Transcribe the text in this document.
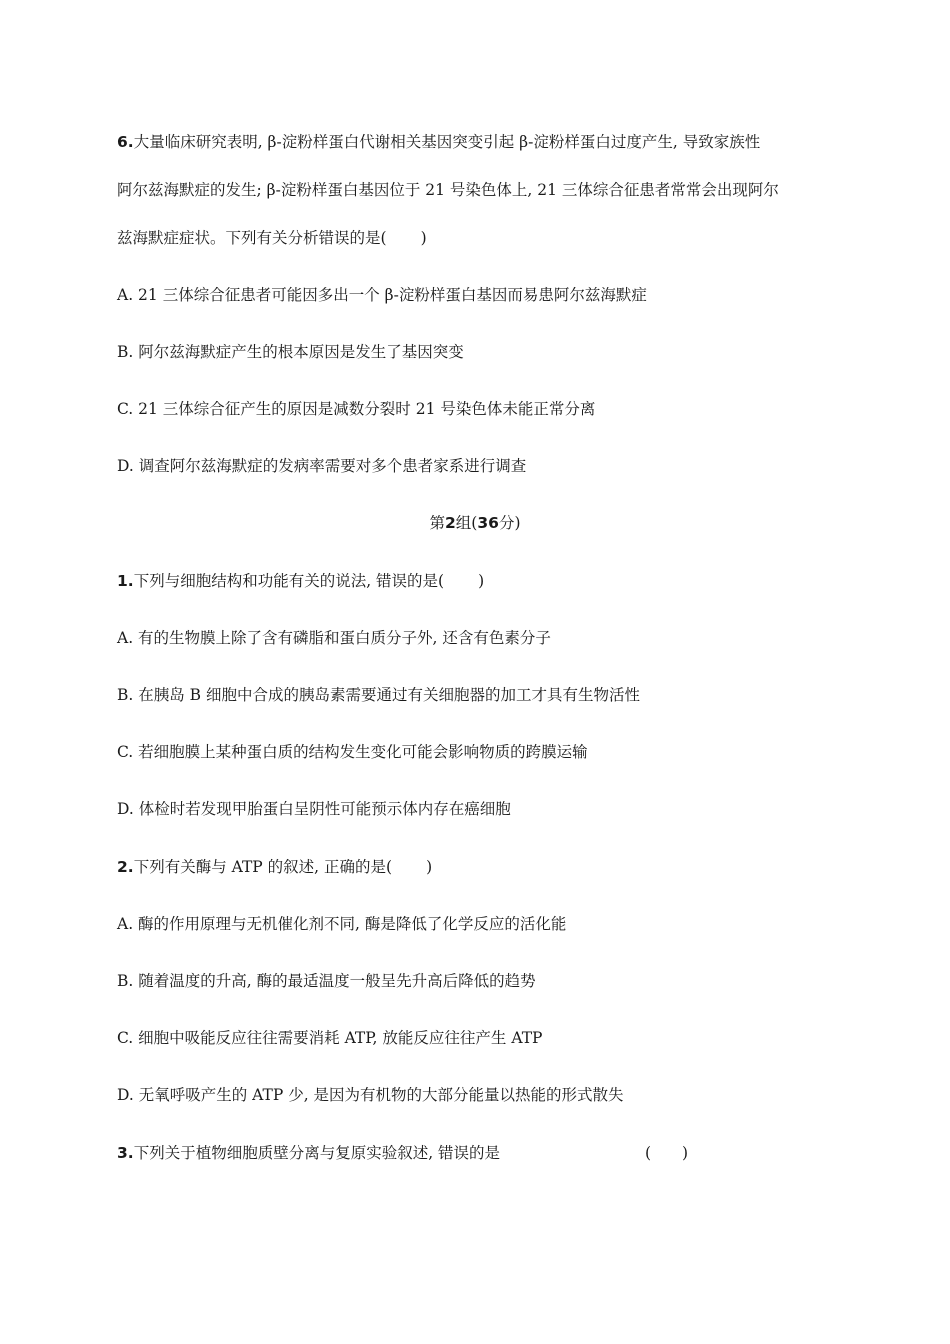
6.大量临床研究表明, β-淀粉样蛋白代谢相关基因突变引起 β-淀粉样蛋白过度产生, 导致家族性
阿尔兹海默症的发生; β-淀粉样蛋白基因位于 21 号染色体上, 21 三体综合征患者常常会出现阿尔
兹海默症症状。下列有关分析错误的是( )
A. 21 三体综合征患者可能因多出一个 β-淀粉样蛋白基因而易患阿尔兹海默症
B. 阿尔兹海默症产生的根本原因是发生了基因突变
C. 21 三体综合征产生的原因是减数分裂时 21 号染色体未能正常分离
D. 调查阿尔兹海默症的发病率需要对多个患者家系进行调查
第2组(36分)
1.下列与细胞结构和功能有关的说法, 错误的是( )
A. 有的生物膜上除了含有磷脂和蛋白质分子外, 还含有色素分子
B. 在胰岛 B 细胞中合成的胰岛素需要通过有关细胞器的加工才具有生物活性
C. 若细胞膜上某种蛋白质的结构发生变化可能会影响物质的跨膜运输
D. 体检时若发现甲胎蛋白呈阴性可能预示体内存在癌细胞
2.下列有关酶与 ATP 的叙述, 正确的是( )
A. 酶的作用原理与无机催化剂不同, 酶是降低了化学反应的活化能
B. 随着温度的升高, 酶的最适温度一般呈先升高后降低的趋势
C. 细胞中吸能反应往往需要消耗 ATP, 放能反应往往产生 ATP
D. 无氧呼吸产生的 ATP 少, 是因为有机物的大部分能量以热能的形式散失
3.下列关于植物细胞质壁分离与复原实验叙述, 错误的是	(　　)
